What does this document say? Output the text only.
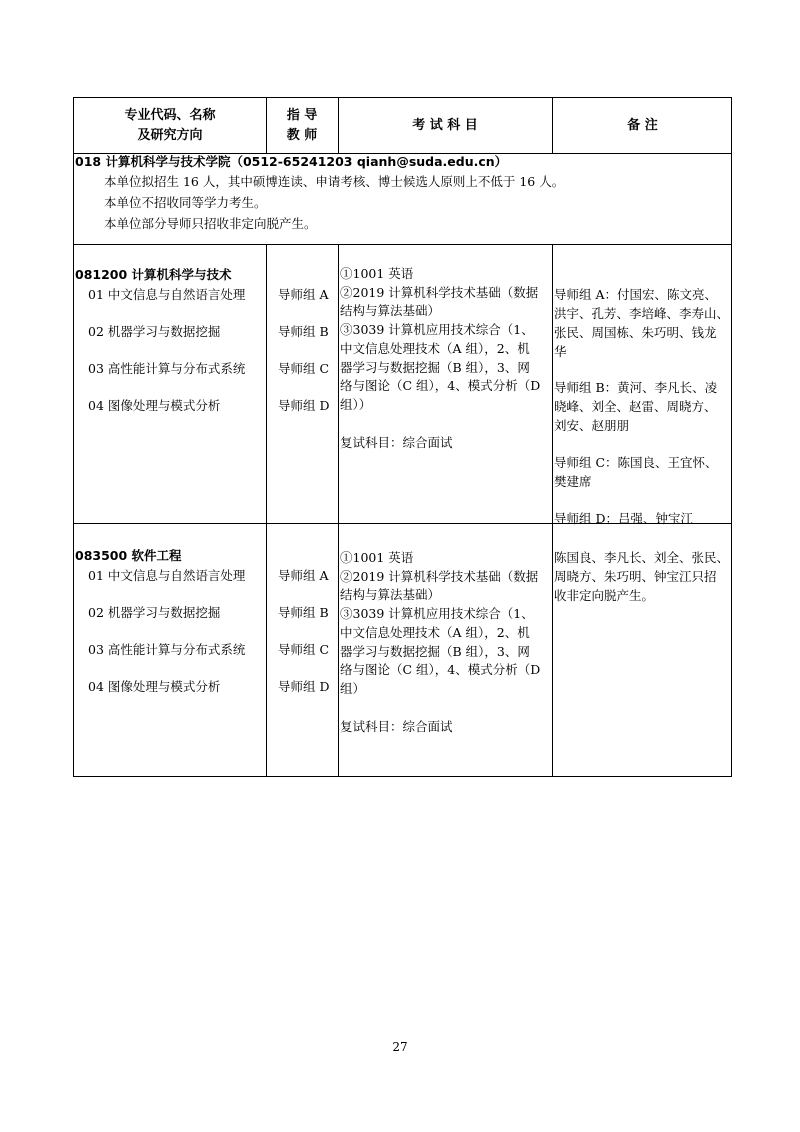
专业代码、名称
及研究方向
指 导
教 师
考 试 科 目	备 注
018 计算机科学与技术学院（0512-65241203 qianh@suda.edu.cn）
本单位拟招生 16 人，其中硕博连读、申请考核、博士候选人原则上不低于 16 人。
本单位不招收同等学力考生。
本单位部分导师只招收非定向脱产生。
081200 计算机科学与技术
01 中文信息与自然语言处理
02 机器学习与数据挖掘
03 高性能计算与分布式系统
04 图像处理与模式分析
导师组 A
导师组 B
导师组 C
导师组 D
①1001 英语
②2019 计算机科学技术基础（数据
结构与算法基础）
③3039 计算机应用技术综合（1、
中文信息处理技术（A 组），2、机
器学习与数据挖掘（B 组），3、网
络与图论（C 组），4、模式分析（D
组））
复试科目：综合面试
导师组 A：付国宏、陈文亮、
洪宇、孔芳、李培峰、李寿山、
张民、周国栋、朱巧明、钱龙
华
导师组 B：黄河、李凡长、凌
晓峰、刘全、赵雷、周晓方、
刘安、赵朋朋
导师组 C：陈国良、王宜怀、
樊建席
导师组 D：吕强、钟宝江
083500 软件工程
01 中文信息与自然语言处理
02 机器学习与数据挖掘
03 高性能计算与分布式系统
04 图像处理与模式分析
导师组 A
导师组 B
导师组 C
导师组 D
①1001 英语
②2019 计算机科学技术基础（数据
结构与算法基础）
③3039 计算机应用技术综合（1、
中文信息处理技术（A 组），2、机
器学习与数据挖掘（B 组），3、网
络与图论（C 组），4、模式分析（D
组）
复试科目：综合面试
陈国良、李凡长、刘全、张民、
周晓方、朱巧明、钟宝江只招
收非定向脱产生。
27
